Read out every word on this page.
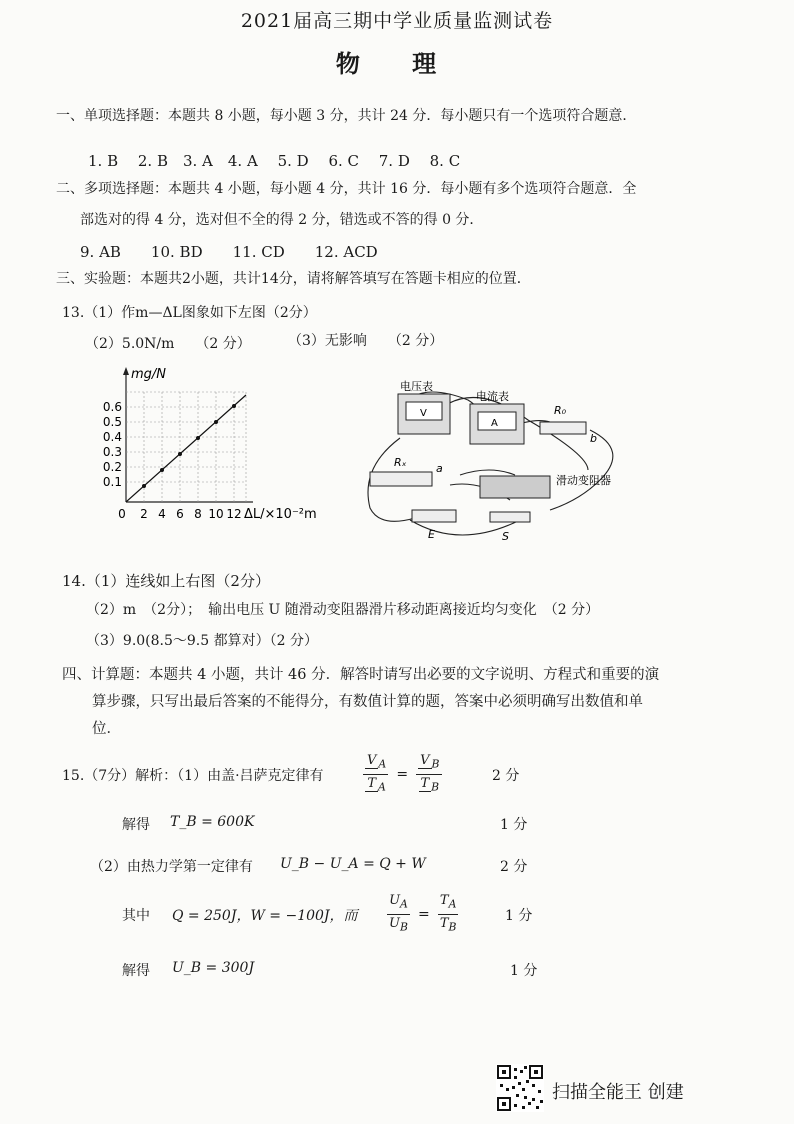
2021届高三期中学业质量监测试卷
物 理
一、单项选择题：本题共 8 小题，每小题 3 分，共计 24 分．每小题只有一个选项符合题意．
1. B　 2. B　3. A　4. A　 5. D　 6. C　 7. D　 8. C
二、多项选择题：本题共 4 小题，每小题 4 分，共计 16 分．每小题有多个选项符合题意．全
部选对的得 4 分，选对但不全的得 2 分，错选或不答的得 0 分．
9. AB　　10. BD　　11. CD　　12. ACD
三、实验题：本题共2小题，共计14分，请将解答填写在答题卡相应的位置．
13.（1）作m—ΔL图象如下左图（2分）
（2）5.0N/m　　（2 分）	（3）无影响　　（2 分）
mg/N
0.1
0.2
0.3
0.4
0.5
0.6
0 2 4 6 8 10 12 ΔL/×10⁻²m
V
电压表
A
电流表
R₀
b
Rₓ	a
滑动变阻器
E	S
14.（1）连线如上右图（2分）
（2）m　（2分）；　输出电压 U 随滑动变阻器滑片移动距离接近均匀变化　（2 分）
（3）9.0(8.5～9.5 都算对）（2 分）
四、计算题：本题共 4 小题，共计 46 分．解答时请写出必要的文字说明、方程式和重要的演
算步骤，只写出最后答案的不能得分，有数值计算的题，答案中必须明确写出数值和单
位．
15.（7分）解析：（1）由盖·吕萨克定律有	$\frac{V _A}{T _A} = \frac{V _B}{T _B}$	2 分
解得 T_B = 600K	1 分
（2）由热力学第一定律有 U_B − U_A = Q + W	2 分
其中 Q = 250J，W = −100J，而 $\frac{U_A}{U_B} = \frac{T_A}{T_B}$	1 分
解得 U_B = 300J	1 分
扫描全能王 创建
